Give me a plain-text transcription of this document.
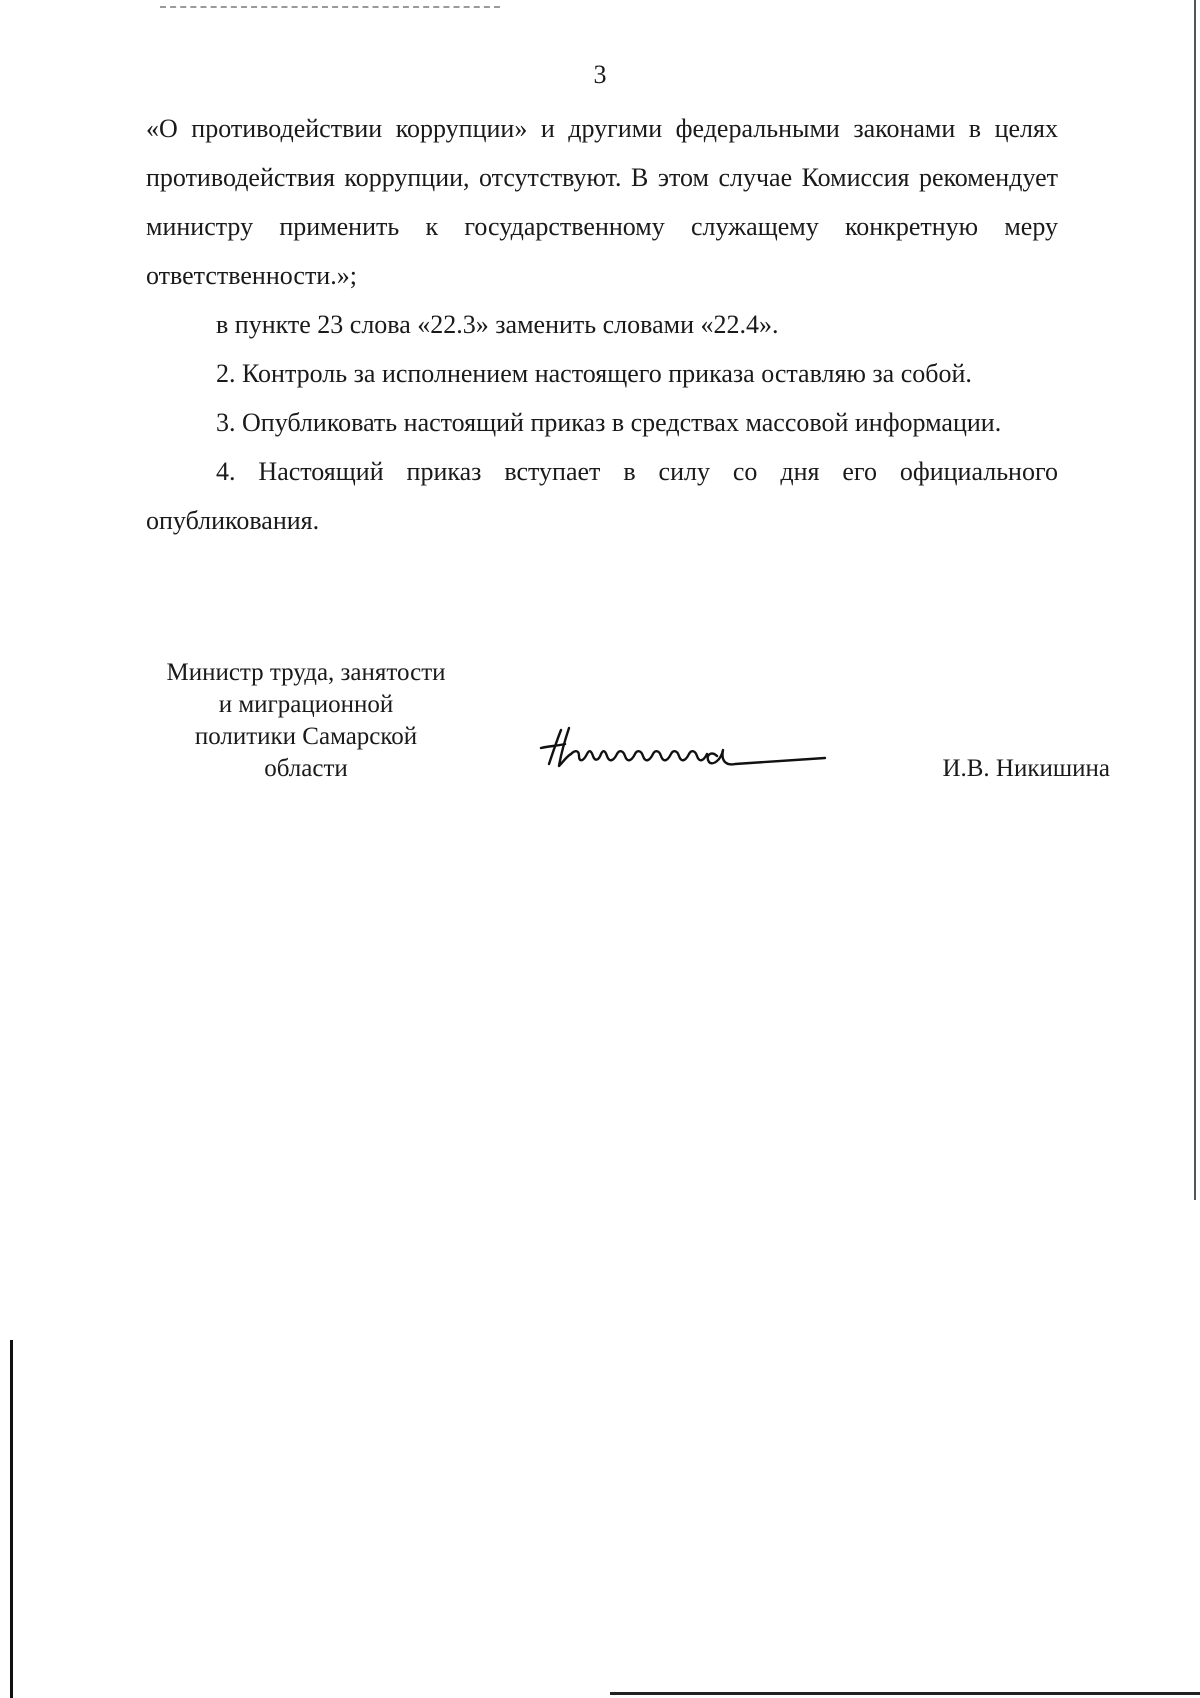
3

«О противодействии коррупции» и другими федеральными законами в целях противодействия коррупции, отсутствуют. В этом случае Комиссия рекомендует министру применить к государственному служащему конкретную меру ответственности.»;

в пункте 23 слова «22.3» заменить словами «22.4».

2. Контроль за исполнением настоящего приказа оставляю за собой.

3. Опубликовать настоящий приказ в средствах массовой информации.

4. Настоящий приказ вступает в силу со дня его официального опубликования.

Министр труда, занятости
и миграционной
политики Самарской
области	И.В. Никишина
